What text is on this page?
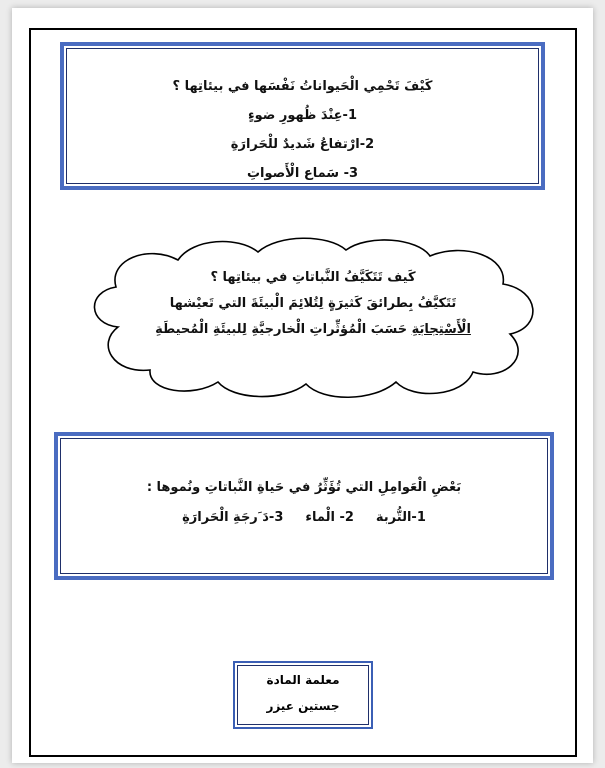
كَيْفَ تَحْمِي الْحَيواناتُ نَفْسَها في بيئاتِها ؟
1-عِنْدَ ظُهورِ ضوءٍ
2-ارْتفاعُ شَديدٌ للْحَرارَةِ
3- سَماع الْأَصواتِ
كَيف تَتَكَيَّفُ النَّباتاتِ في بيئاتِها ؟
تَتَكيَّفُ بِطرائقَ كَثيرَةٍ لِتُلائِمَ الْبيئَةَ التي تَعيْشها
الْأَسْتِجابَةِ حَسَبَ الْمُؤثِّراتِ الْخارجيَّةِ لِلبيئَةِ الْمُحيطَةِ
بَعْضِ الْعَوامِلِ التي تُؤَثِّرُ في حَياةِ النَّباتاتِ ونُموها :
1-التُّربة
2- الْماء
3-دَ َرجَةِ الْحَرارَةِ
معلمة المادة
جستين عيزر
